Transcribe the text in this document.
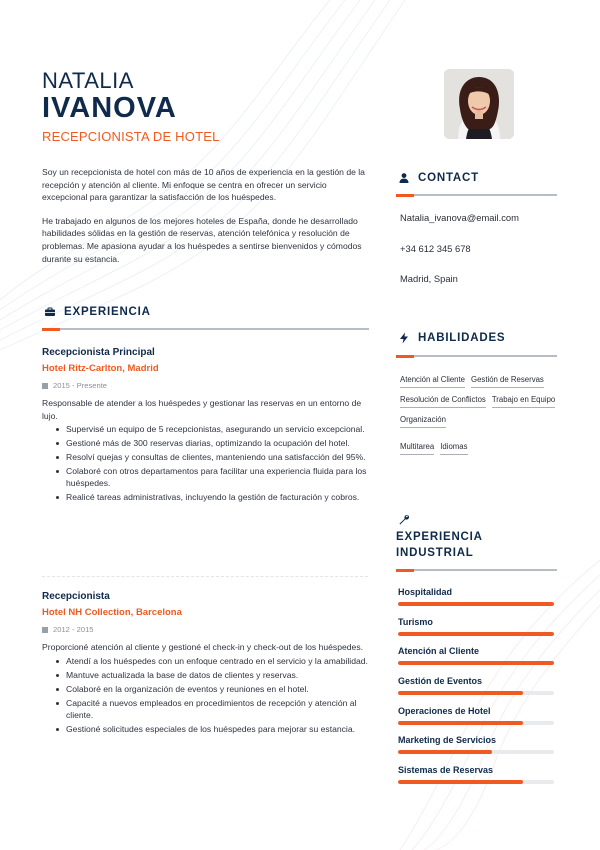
NATALIA
IVANOVA
RECEPCIONISTA DE HOTEL

Soy un recepcionista de hotel con más de 10 años de experiencia en la gestión de la recepción y atención al cliente. Mi enfoque se centra en ofrecer un servicio excepcional para garantizar la satisfacción de los huéspedes.

He trabajado en algunos de los mejores hoteles de España, donde he desarrollado habilidades sólidas en la gestión de reservas, atención telefónica y resolución de problemas. Me apasiona ayudar a los huéspedes a sentirse bienvenidos y cómodos durante su estancia.

EXPERIENCIA
Recepcionista Principal
Hotel Ritz-Carlton, Madrid
2015 - Presente
Responsable de atender a los huéspedes y gestionar las reservas en un entorno de lujo.
Supervisé un equipo de 5 recepcionistas, asegurando un servicio excepcional.
Gestioné más de 300 reservas diarias, optimizando la ocupación del hotel.
Resolví quejas y consultas de clientes, manteniendo una satisfacción del 95%.
Colaboré con otros departamentos para facilitar una experiencia fluida para los huéspedes.
Realicé tareas administrativas, incluyendo la gestión de facturación y cobros.
Recepcionista
Hotel NH Collection, Barcelona
2012 - 2015
Proporcioné atención al cliente y gestioné el check-in y check-out de los huéspedes.
Atendí a los huéspedes con un enfoque centrado en el servicio y la amabilidad.
Mantuve actualizada la base de datos de clientes y reservas.
Colaboré en la organización de eventos y reuniones en el hotel.
Capacité a nuevos empleados en procedimientos de recepción y atención al cliente.
Gestioné solicitudes especiales de los huéspedes para mejorar su estancia.
CONTACT
Natalia_ivanova@email.com
+34 612 345 678
Madrid, Spain
HABILIDADES
Atención al Cliente Gestión de Reservas
Resolución de Conflictos Trabajo en Equipo
Organización
Multitarea Idiomas
EXPERIENCIA
INDUSTRIAL
Hospitalidad
Turismo
Atención al Cliente
Gestión de Eventos
Operaciones de Hotel
Marketing de Servicios
Sistemas de Reservas
